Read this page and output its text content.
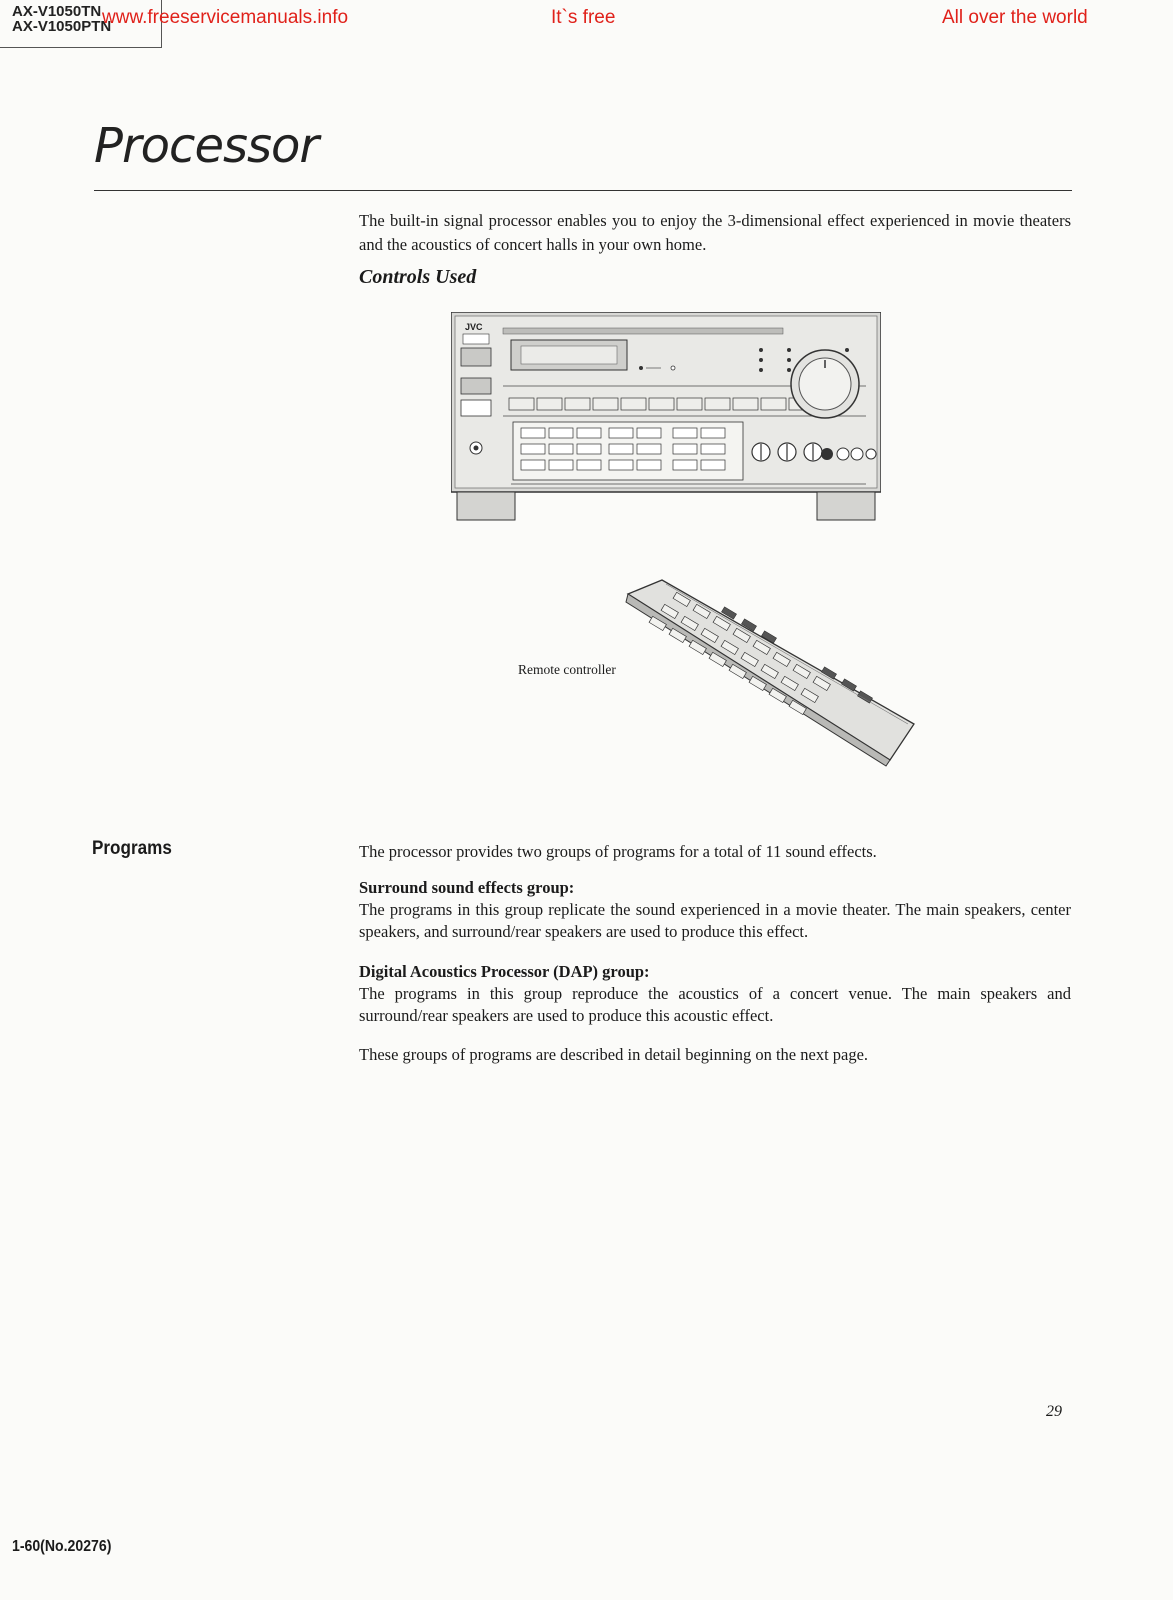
AX-V1050TN
AX-V1050PTN
www.freeservicemanuals.info	It`s free	All over the world
Processor

The built-in signal processor enables you to enjoy the 3-dimensional effect experienced in movie theaters and the acoustics of concert halls in your own home.

Controls Used
JVC
Remote controller
Programs	The processor provides two groups of programs for a total of 11 sound effects.

Surround sound effects group:

The programs in this group replicate the sound experienced in a movie theater. The main speakers, center speakers, and surround/rear speakers are used to produce this effect.

Digital Acoustics Processor (DAP) group:

The programs in this group reproduce the acoustics of a concert venue. The main speakers and surround/rear speakers are used to produce this acoustic effect.

These groups of programs are described in detail beginning on the next page.

29
1-60(No.20276)
